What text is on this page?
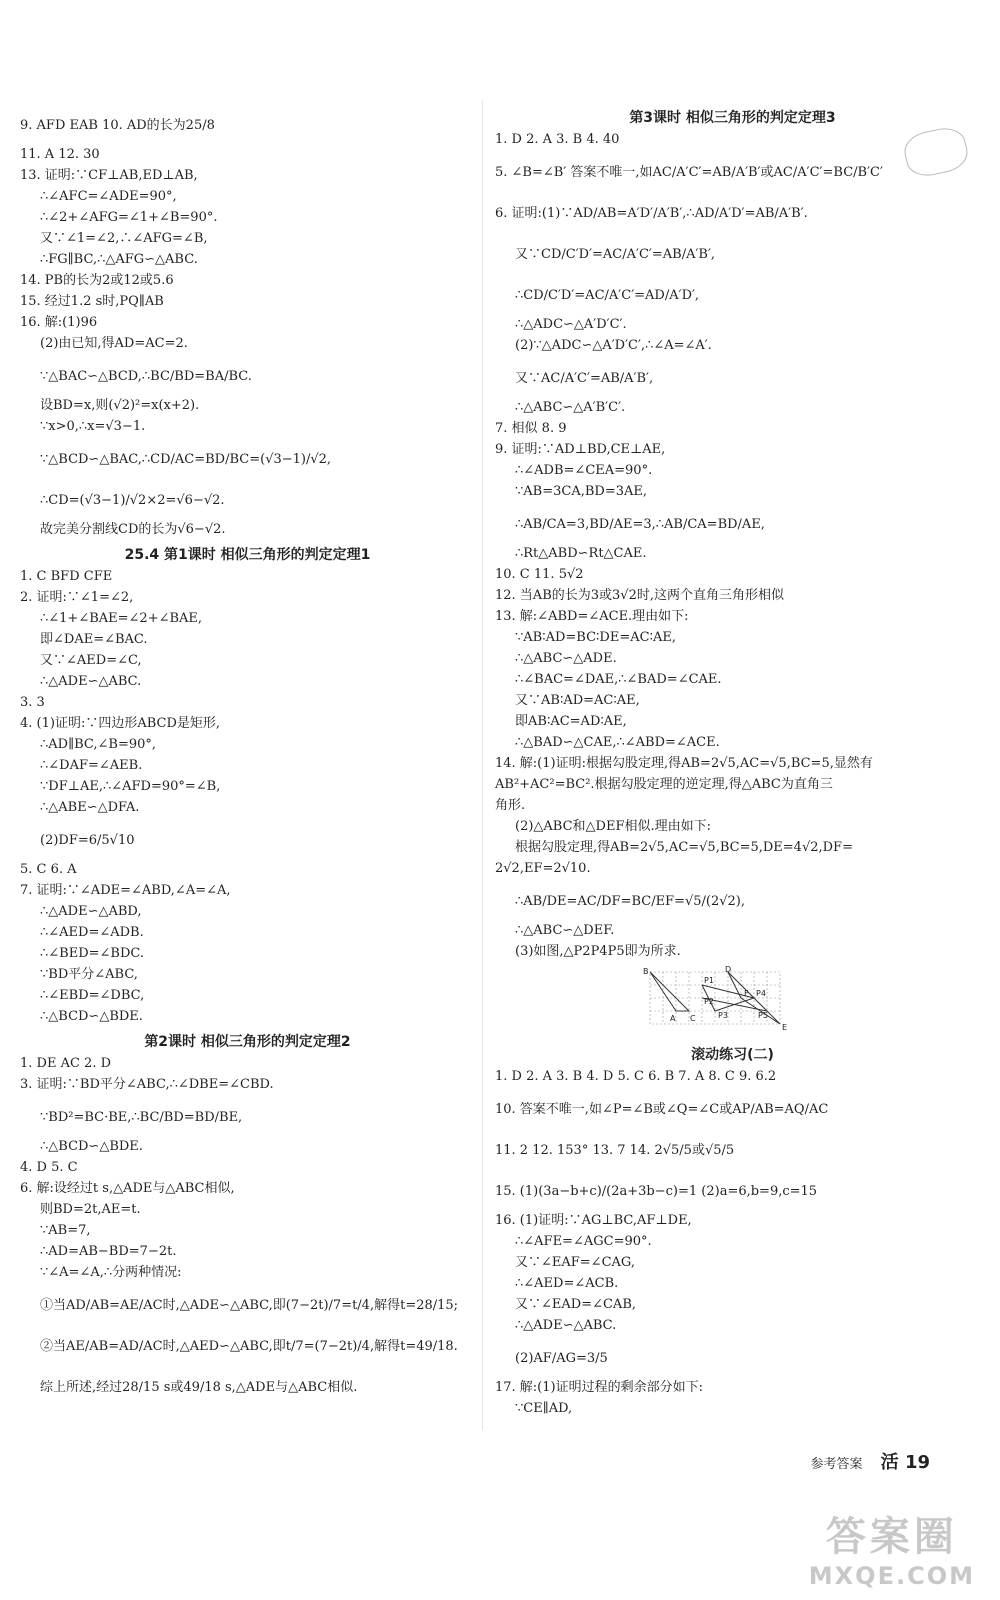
9. AFD EAB 10. AD的长为25/8
11. A 12. 30
13. 证明:∵CF⊥AB,ED⊥AB,
∴∠AFC=∠ADE=90°,
∴∠2+∠AFG=∠1+∠B=90°.
又∵∠1=∠2,∴∠AFG=∠B,
∴FG∥BC,∴△AFG∽△ABC.
14. PB的长为2或12或5.6
15. 经过1.2 s时,PQ∥AB
16. 解:(1)96
(2)由已知,得AD=AC=2.
∵△BAC∽△BCD,∴BC/BD=BA/BC.
设BD=x,则(√2)²=x(x+2).
∵x>0,∴x=√3−1.
∵△BCD∽△BAC,∴CD/AC=BD/BC=(√3−1)/√2,
∴CD=(√3−1)/√2×2=√6−√2.
故完美分割线CD的长为√6−√2.
25.4 第1课时 相似三角形的判定定理1
1. C BFD CFE
2. 证明:∵∠1=∠2,
∴∠1+∠BAE=∠2+∠BAE,
即∠DAE=∠BAC.
又∵∠AED=∠C,
∴△ADE∽△ABC.
3. 3
4. (1)证明:∵四边形ABCD是矩形,
∴AD∥BC,∠B=90°,
∴∠DAF=∠AEB.
∵DF⊥AE,∴∠AFD=90°=∠B,
∴△ABE∽△DFA.
(2)DF=6/5√10
5. C 6. A
7. 证明:∵∠ADE=∠ABD,∠A=∠A,
∴△ADE∽△ABD,
∴∠AED=∠ADB.
∴∠BED=∠BDC.
∵BD平分∠ABC,
∴∠EBD=∠DBC,
∴△BCD∽△BDE.
第2课时 相似三角形的判定定理2
1. DE AC 2. D
3. 证明:∵BD平分∠ABC,∴∠DBE=∠CBD.
∵BD²=BC·BE,∴BC/BD=BD/BE,
∴△BCD∽△BDE.
4. D 5. C
6. 解:设经过t s,△ADE与△ABC相似,
则BD=2t,AE=t.
∵AB=7,
∴AD=AB−BD=7−2t.
∵∠A=∠A,∴分两种情况:
①当AD/AB=AE/AC时,△ADE∽△ABC,即(7−2t)/7=t/4,解得t=28/15;
②当AE/AB=AD/AC时,△AED∽△ABC,即t/7=(7−2t)/4,解得t=49/18.
综上所述,经过28/15 s或49/18 s,△ADE与△ABC相似.
第3课时 相似三角形的判定定理3
1. D 2. A 3. B 4. 40
5. ∠B=∠B′ 答案不唯一,如AC/A′C′=AB/A′B′或AC/A′C′=BC/B′C′
6. 证明:(1)∵AD/AB=A′D′/A′B′,∴AD/A′D′=AB/A′B′.
又∵CD/C′D′=AC/A′C′=AB/A′B′,
∴CD/C′D′=AC/A′C′=AD/A′D′,
∴△ADC∽△A′D′C′.
(2)∵△ADC∽△A′D′C′,∴∠A=∠A′.
又∵AC/A′C′=AB/A′B′,
∴△ABC∽△A′B′C′.
7. 相似 8. 9
9. 证明:∵AD⊥BD,CE⊥AE,
∴∠ADB=∠CEA=90°.
∵AB=3CA,BD=3AE,
∴AB/CA=3,BD/AE=3,∴AB/CA=BD/AE,
∴Rt△ABD∽Rt△CAE.
10. C 11. 5√2
12. 当AB的长为3或3√2时,这两个直角三角形相似
13. 解:∠ABD=∠ACE.理由如下:
∵AB∶AD=BC∶DE=AC∶AE,
∴△ABC∽△ADE.
∴∠BAC=∠DAE,∴∠BAD=∠CAE.
又∵AB∶AD=AC∶AE,
即AB∶AC=AD∶AE,
∴△BAD∽△CAE,∴∠ABD=∠ACE.
14. 解:(1)证明:根据勾股定理,得AB=2√5,AC=√5,BC=5,显然有
AB²+AC²=BC².根据勾股定理的逆定理,得△ABC为直角三
角形.
(2)△ABC和△DEF相似.理由如下:
根据勾股定理,得AB=2√5,AC=√5,BC=5,DE=4√2,DF=
2√2,EF=2√10.
∴AB/DE=AC/DF=BC/EF=√5/(2√2),
∴△ABC∽△DEF.
(3)如图,△P2P4P5即为所求.
B	D
A C
E
F
P1
P2
P3
P4
P5
滚动练习(二)
1. D 2. A 3. B 4. D 5. C 6. B 7. A 8. C 9. 6.2
10. 答案不唯一,如∠P=∠B或∠Q=∠C或AP/AB=AQ/AC
11. 2 12. 153° 13. 7 14. 2√5/5或√5/5
15. (1)(3a−b+c)/(2a+3b−c)=1 (2)a=6,b=9,c=15
16. (1)证明:∵AG⊥BC,AF⊥DE,
∴∠AFE=∠AGC=90°.
又∵∠EAF=∠CAG,
∴∠AED=∠ACB.
又∵∠EAD=∠CAB,
∴△ADE∽△ABC.
(2)AF/AG=3/5
17. 解:(1)证明过程的剩余部分如下:
∵CE∥AD,
参考答案 活 19
答案圈
MXQE.COM
